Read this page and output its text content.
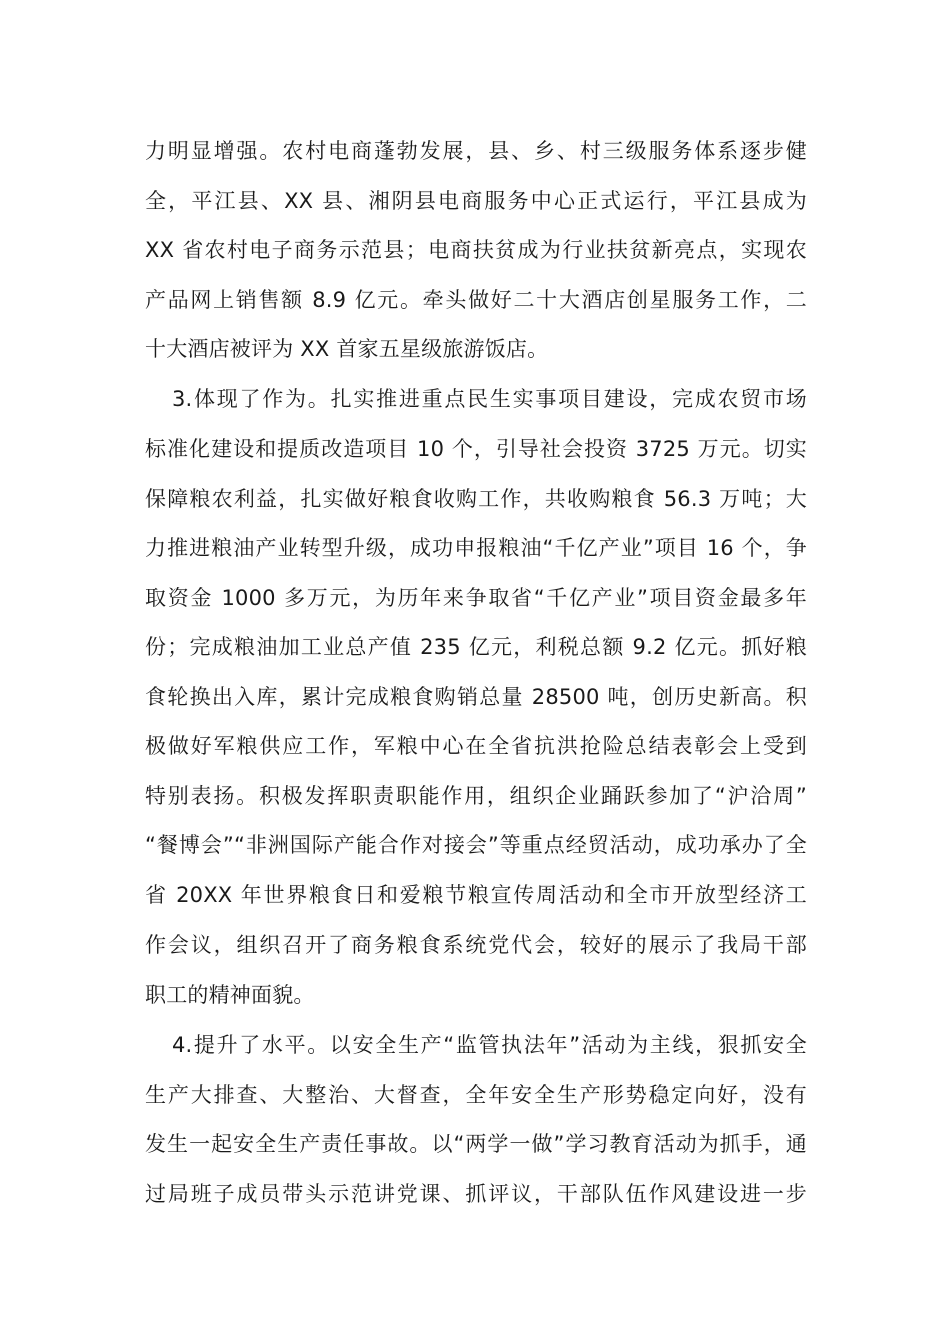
力明显增强。农村电商蓬勃发展，县、乡、村三级服务体系逐步健
全，平江县、XX 县、湘阴县电商服务中心正式运行，平江县成为
XX 省农村电子商务示范县；电商扶贫成为行业扶贫新亮点，实现农
产品网上销售额 8.9 亿元。牵头做好二十大酒店创星服务工作，二
十大酒店被评为 XX 首家五星级旅游饭店。
3.体现了作为。扎实推进重点民生实事项目建设，完成农贸市场
标准化建设和提质改造项目 10 个，引导社会投资 3725 万元。切实
保障粮农利益，扎实做好粮食收购工作，共收购粮食 56.3 万吨；大
力推进粮油产业转型升级，成功申报粮油“千亿产业”项目 16 个，争
取资金 1000 多万元，为历年来争取省“千亿产业”项目资金最多年
份；完成粮油加工业总产值 235 亿元，利税总额 9.2 亿元。抓好粮
食轮换出入库，累计完成粮食购销总量 28500 吨，创历史新高。积
极做好军粮供应工作，军粮中心在全省抗洪抢险总结表彰会上受到
特别表扬。积极发挥职责职能作用，组织企业踊跃参加了“沪洽周”
“餐博会”“非洲国际产能合作对接会”等重点经贸活动，成功承办了全
省 20XX 年世界粮食日和爱粮节粮宣传周活动和全市开放型经济工
作会议，组织召开了商务粮食系统党代会，较好的展示了我局干部
职工的精神面貌。
4.提升了水平。以安全生产“监管执法年”活动为主线，狠抓安全
生产大排查、大整治、大督查，全年安全生产形势稳定向好，没有
发生一起安全生产责任事故。以“两学一做”学习教育活动为抓手，通
过局班子成员带头示范讲党课、抓评议，干部队伍作风建设进一步
